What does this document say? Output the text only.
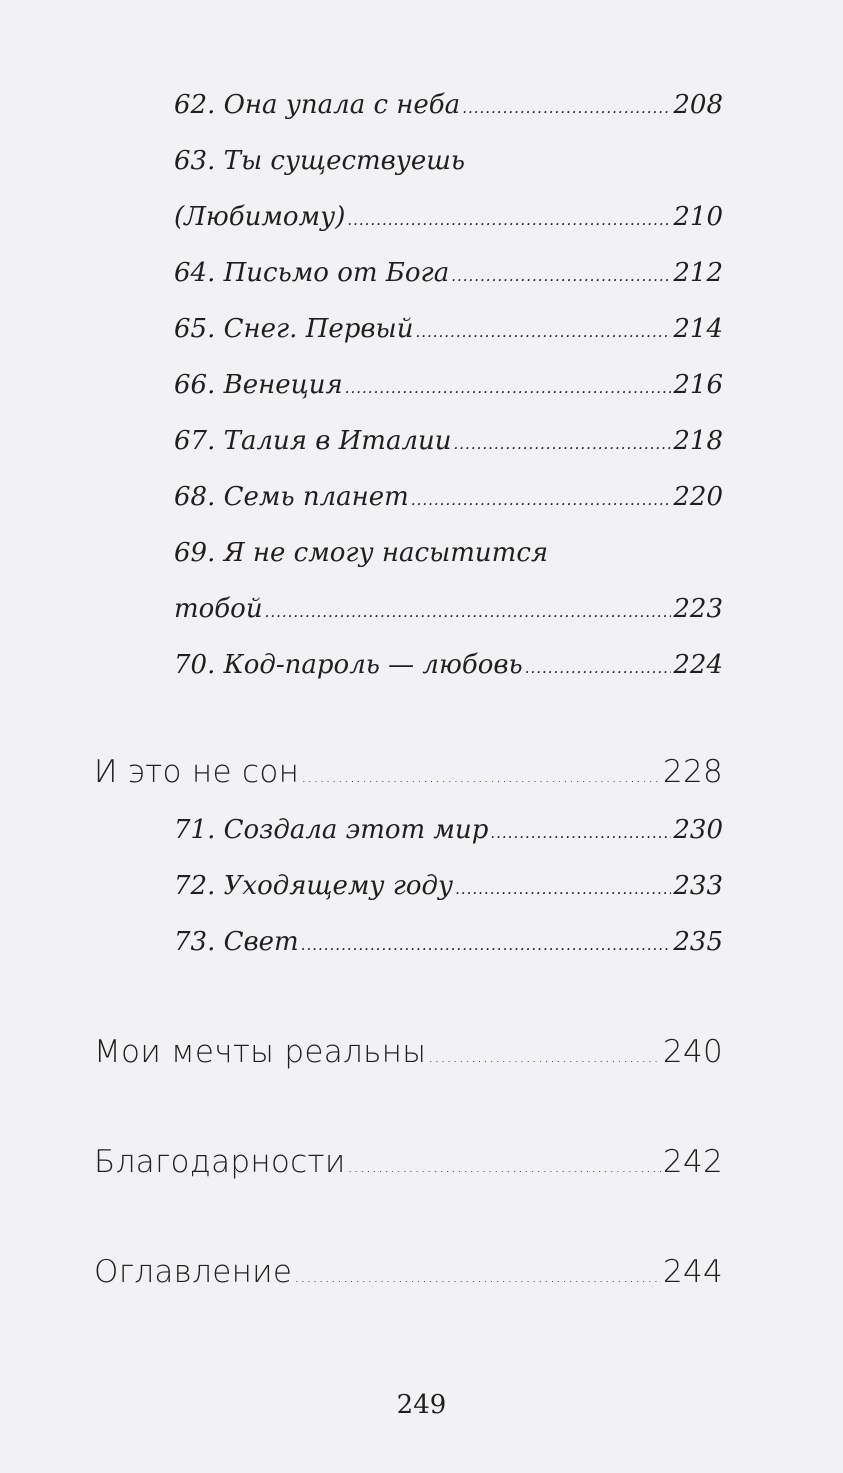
62. Она упала с неба .....	208
63. Ты существуешь
(Любимому) .....	210
64. Письмо от Бога .....	212
65. Снег. Первый .....	214
66. Венеция .....	216
67. Талия в Италии .....	218
68. Семь планет .....	220
69. Я не смогу насытится
тобой .....	223
70. Код-пароль — любовь .....	224
И это не сон .....	228
71. Создала этот мир .....	230
72. Уходящему году .....	233
73. Свет .....	235
Мои мечты реальны .....	240
Благодарности .....	242
Оглавление .....	244
249
